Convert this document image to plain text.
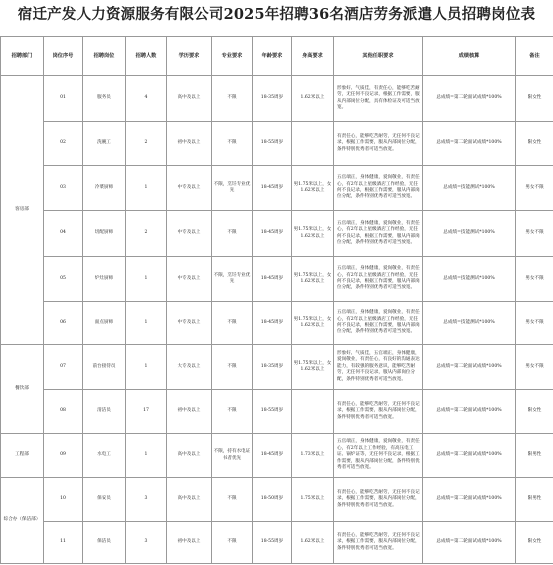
宿迁产发人力资源服务有限公司2025年招聘36名酒店劳务派遣人员招聘岗位表
招聘部门	岗位序号	招聘岗位	招聘人数	学历要求	专业要求	年龄要求	身高要求	其他任职要求	成绩核算	备注
客房部	01	服务员	4	高中及以上	不限	18-35周岁	1.62米以上	形象好、气质佳，有责任心，能够吃苦耐劳，无任何不良记录，根据工作需要，服从内部岗位分配，具有体检证及可适当放宽。	总成绩=第二轮面试成绩*100%	限女性
	02	洗碗工	2	初中及以上	不限	18-55周岁		有责任心，能够吃苦耐劳，无任何不良记录，根据工作需要，服从内部岗位分配，条件特别优秀者可适当放宽。	总成绩=第二轮面试成绩*100%	限女性
	03	冷菜厨师	1	中专及以上	不限，烹饪专业优先	18-45周岁	男1.75米以上，女1.62米以上	五官端正，身体健康，爱岗敬业，有责任心，有2年以上星级酒店工作经验，无任何不良记录，根据工作需要，服从内部岗位分配，条件特别优秀者可适当放宽。	总成绩=技能测试*100%	男女不限
	04	切配厨师	2	中专及以上	不限	18-45周岁	男1.75米以上，女1.62米以上	五官端正，身体健康，爱岗敬业，有责任心，有2年以上星级酒店工作经验，无任何不良记录，根据工作需要，服从内部岗位分配，条件特别优秀者可适当放宽。	总成绩=技能测试*100%	男女不限
	05	炉灶厨师	1	中专及以上	不限，烹饪专业优先	18-45周岁	男1.75米以上，女1.62米以上	五官端正，身体健康，爱岗敬业，有责任心，有2年以上星级酒店工作经验，无任何不良记录，根据工作需要，服从内部岗位分配，条件特别优秀者可适当放宽。	总成绩=技能测试*100%	男女不限
	06	面点厨师	1	中专及以上	不限	18-45周岁	男1.75米以上，女1.62米以上	五官端正，身体健康，爱岗敬业，有责任心，有2年以上星级酒店工作经验，无任何不良记录，根据工作需要，服从内部岗位分配，条件特别优秀者可适当放宽。	总成绩=技能测试*100%	男女不限
餐饮部	07	前台接待员	1	大专及以上	不限	18-35周岁	男1.75米以上，女1.62米以上	形象好、气质佳，五官端正，身体健康，爱岗敬业，有责任心，有良好的沟通表达能力，有较强的服务意识，能够吃苦耐劳，无任何不良记录，服从内部岗位分配，条件特别优秀者可适当放宽。	总成绩=第二轮面试成绩*100%	男女不限
	08	清洁员	17	初中及以上	不限	18-55周岁		有责任心，能够吃苦耐劳，无任何不良记录，根据工作需要，服从内部岗位分配，条件特别优秀者可适当放宽。	总成绩=第二轮面试成绩*100%	限女性
工程部	09	水电工	1	高中及以上	不限，持有水电证书者优先	18-45周岁	1.73米以上	五官端正，身体健康，爱岗敬业，有责任心，有2年以上工作经验，有高压电工证、锅炉证等，无任何不良记录，根据工作需要，服从内部岗位分配，条件特别优秀者可适当放宽。	总成绩=第二轮面试成绩*100%	限男性
综合办（保洁部）	10	保安员	3	高中及以上	不限	18-50周岁	1.75米以上	有责任心，能够吃苦耐劳，无任何不良记录，根据工作需要，服从内部岗位分配，条件特别优秀者可适当放宽。	总成绩=第二轮面试成绩*100%	限男性
	11	保洁员	3	初中及以上	不限	18-55周岁	1.62米以上	有责任心，能够吃苦耐劳，无任何不良记录，根据工作需要，服从内部岗位分配，条件特别优秀者可适当放宽。	总成绩=第二轮面试成绩*100%	限女性
